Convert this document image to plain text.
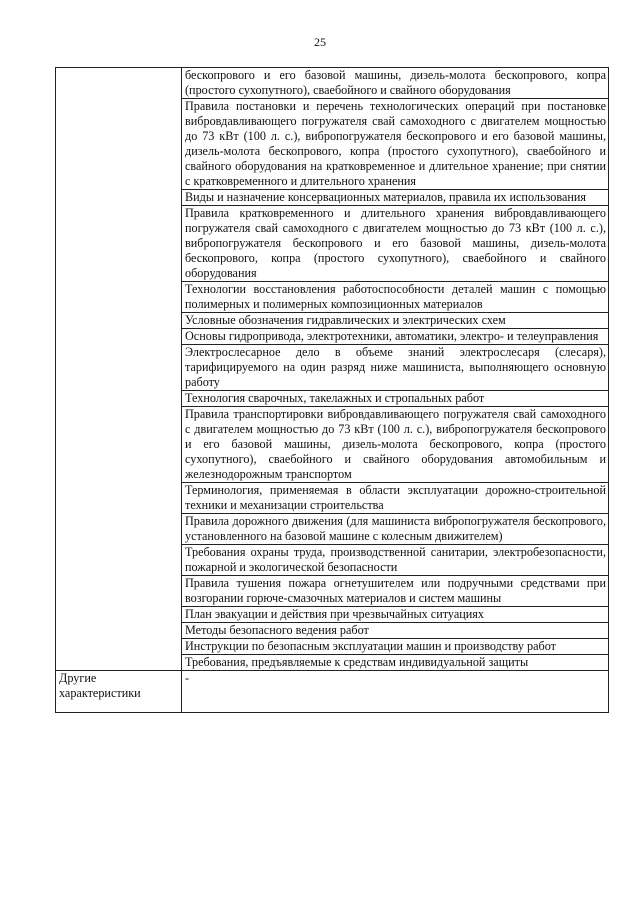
25

	бескопрового и его базовой машины, дизель-молота бескопрового, копра (простого сухопутного), сваебойного и свайного оборудования

	Правила постановки и перечень технологических операций при постановке вибровдавливающего погружателя свай самоходного с двигателем мощностью до 73 кВт (100 л. с.), вибропогружателя бескопрового и его базовой машины, дизель-молота бескопрового, копра (простого сухопутного), сваебойного и свайного оборудования на кратковременное и длительное хранение; при снятии с кратковременного и длительного хранения

	Виды и назначение консервационных материалов, правила их использования

	Правила кратковременного и длительного хранения вибровдавливающего погружателя свай самоходного с двигателем мощностью до 73 кВт (100 л. с.), вибропогружателя бескопрового и его базовой машины, дизель-молота бескопрового, копра (простого сухопутного), сваебойного и свайного оборудования

	Технологии восстановления работоспособности деталей машин с помощью полимерных и полимерных композиционных материалов

	Условные обозначения гидравлических и электрических схем

	Основы гидропривода, электротехники, автоматики, электро- и телеуправления

	Электрослесарное дело в объеме знаний электрослесаря (слесаря), тарифицируемого на один разряд ниже машиниста, выполняющего основную работу

	Технология сварочных, такелажных и стропальных работ

	Правила транспортировки вибровдавливающего погружателя свай самоходного с двигателем мощностью до 73 кВт (100 л. с.), вибропогружателя бескопрового и его базовой машины, дизель-молота бескопрового, копра (простого сухопутного), сваебойного и свайного оборудования автомобильным и железнодорожным транспортом

	Терминология, применяемая в области эксплуатации дорожно-строительной техники и механизации строительства

	Правила дорожного движения (для машиниста вибропогружателя бескопрового, установленного на базовой машине с колесным движителем)

	Требования охраны труда, производственной санитарии, электробезопасности, пожарной и экологической безопасности

	Правила тушения пожара огнетушителем или подручными средствами при возгорании горюче-смазочных материалов и систем машины

	План эвакуации и действия при чрезвычайных ситуациях

	Методы безопасного ведения работ

	Инструкции по безопасным эксплуатации машин и производству работ

	Требования, предъявляемые к средствам индивидуальной защиты

Другие характеристики	-
